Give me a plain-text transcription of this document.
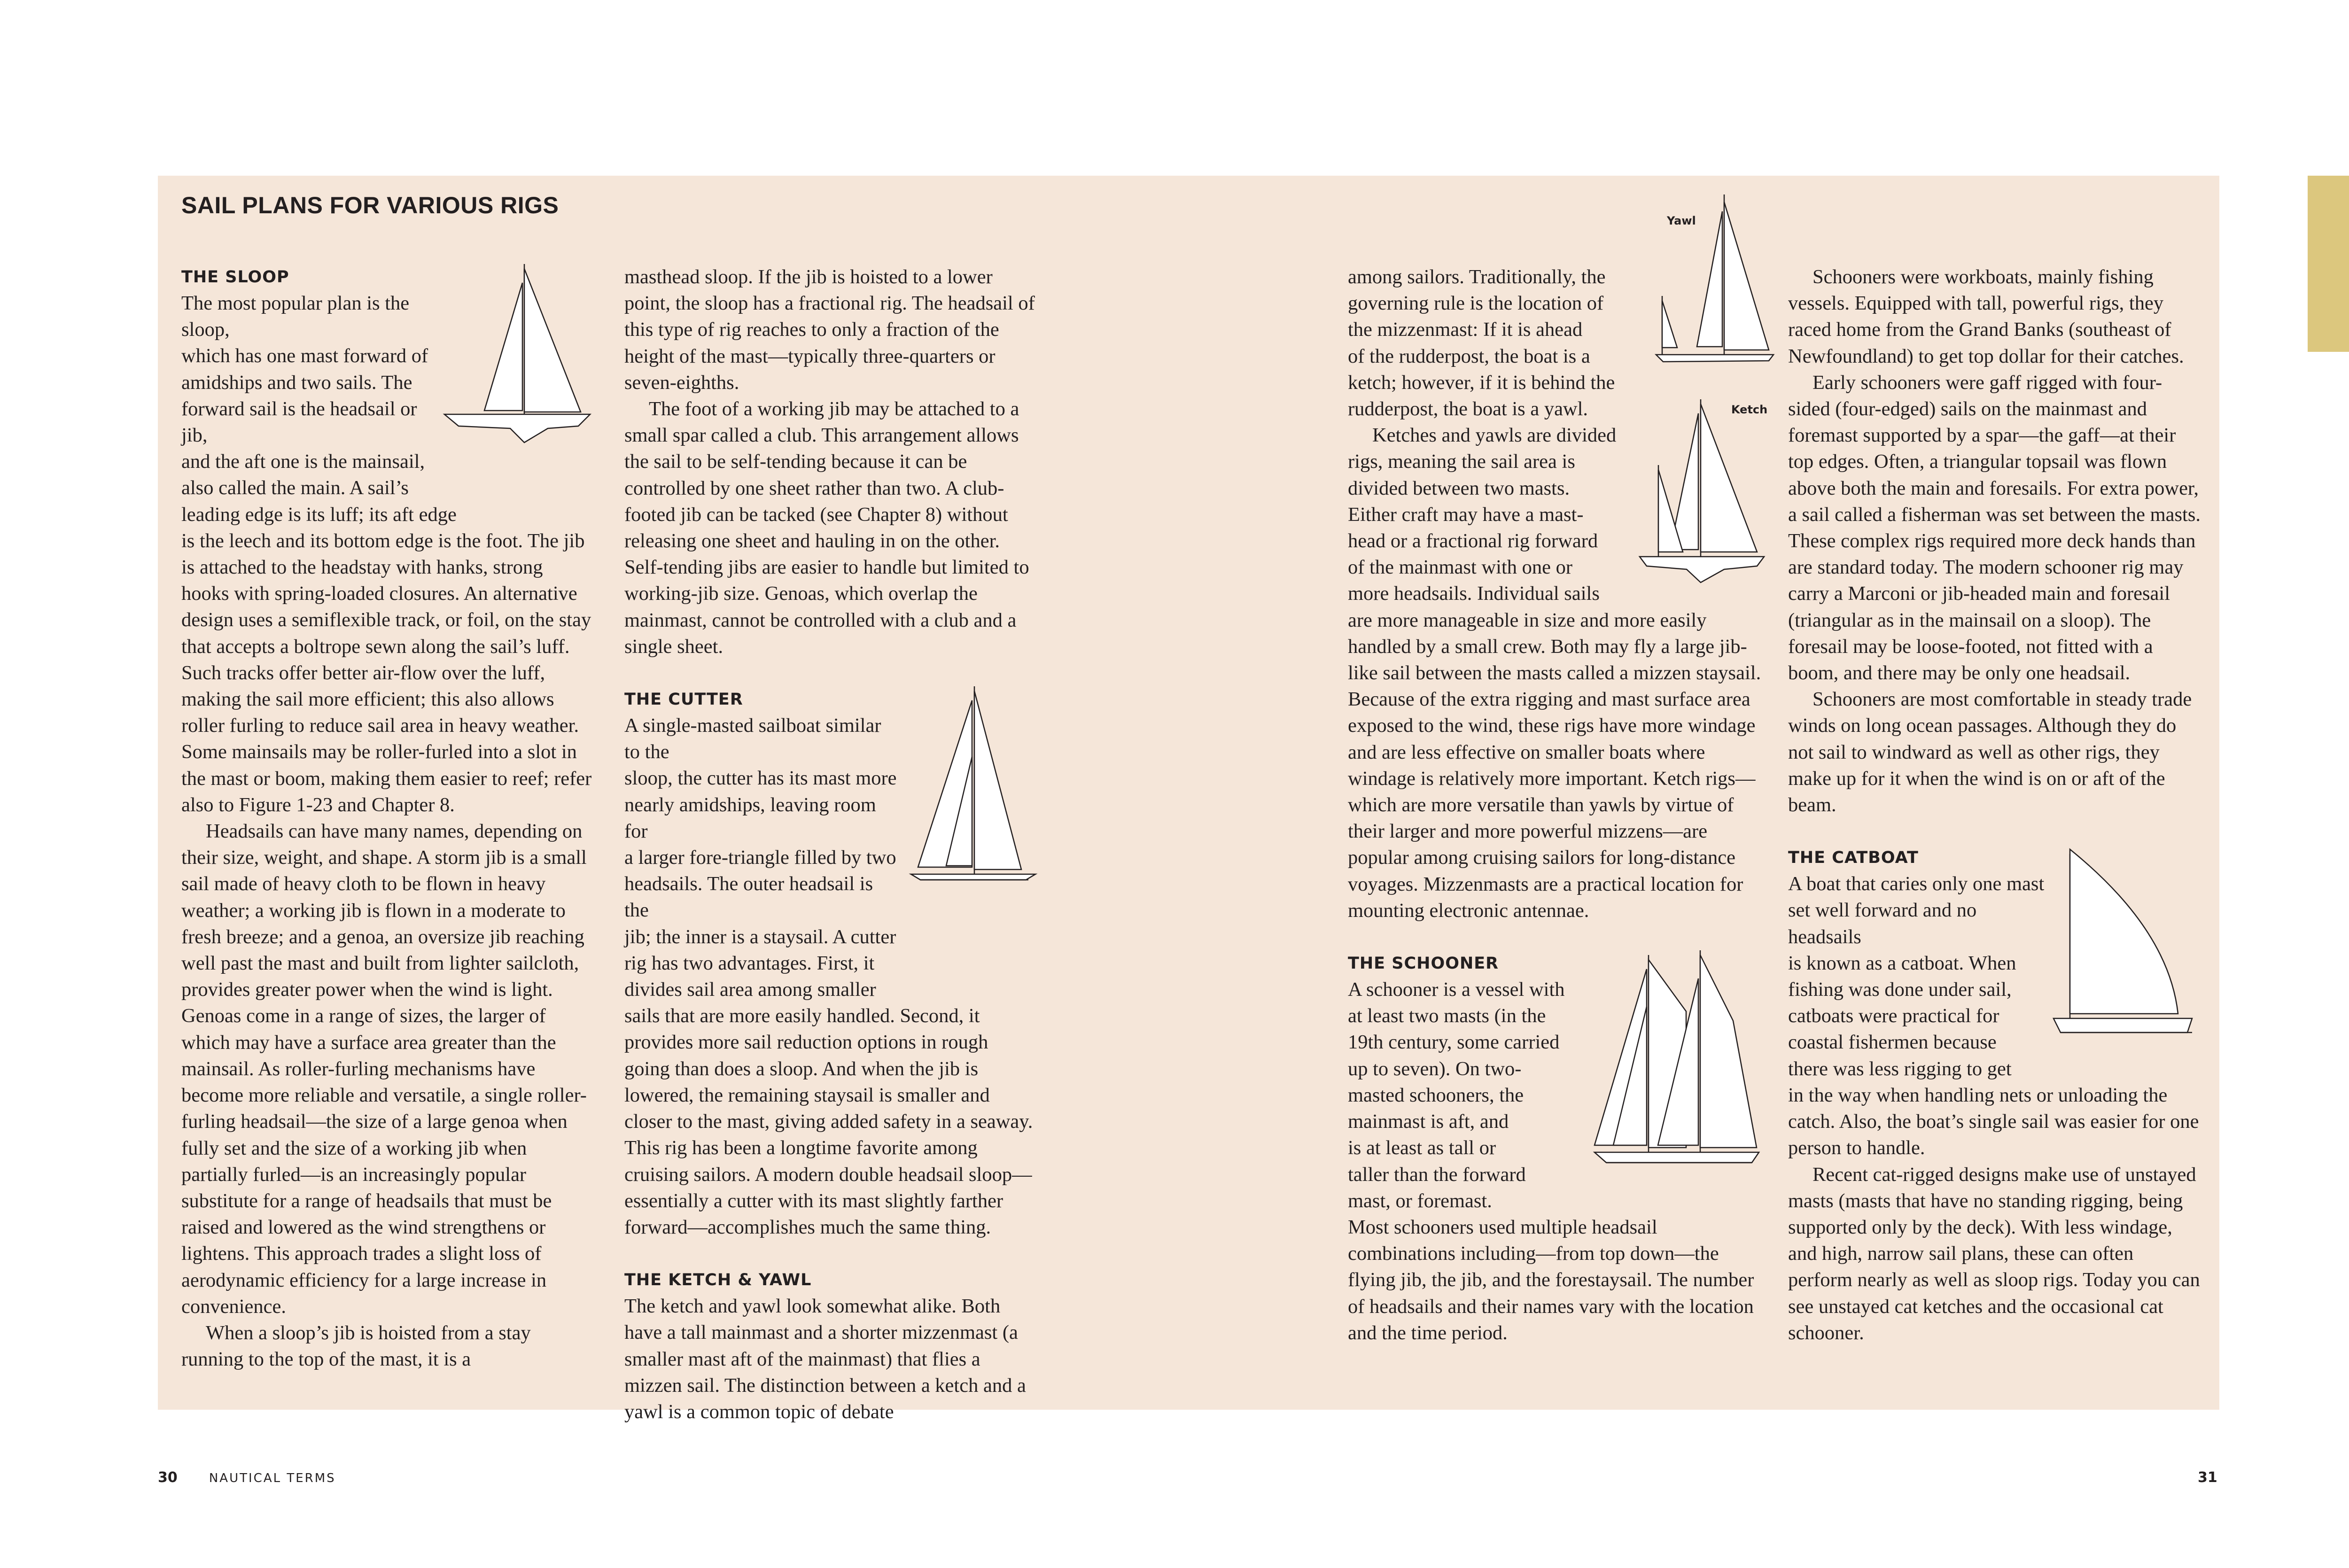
SAIL PLANS FOR VARIOUS RIGS
Yawl
Ketch
THE SLOOP
The most popular plan is the sloop,
which has one mast forward of
amidships and two sails. The
forward sail is the headsail or jib,
and the aft one is the mainsail,
also called the main. A sail’s
leading edge is its luff; its aft edge

is the leech and its bottom edge is the foot. The jib is attached to the headstay with hanks, strong hooks with spring-loaded closures. An alternative design uses a semiflexible track, or foil, on the stay that accepts a boltrope sewn along the sail’s luff. Such tracks offer better air-flow over the luff, making the sail more efficient; this also allows roller furling to reduce sail area in heavy weather. Some mainsails may be roller-furled into a slot in the mast or boom, making them easier to reef; refer also to Figure 1-23 and Chapter 8.

Headsails can have many names, depending on their size, weight, and shape. A storm jib is a small sail made of heavy cloth to be flown in heavy weather; a working jib is flown in a moderate to fresh breeze; and a genoa, an oversize jib reaching well past the mast and built from lighter sailcloth, provides greater power when the wind is light. Genoas come in a range of sizes, the larger of which may have a surface area greater than the mainsail. As roller-furling mechanisms have become more reliable and versatile, a single roller-furling headsail—the size of a large genoa when fully set and the size of a working jib when partially furled—is an increasingly popular substitute for a range of headsails that must be raised and lowered as the wind strengthens or lightens. This approach trades a slight loss of aerodynamic efficiency for a large increase in convenience.

When a sloop’s jib is hoisted from a stay running to the top of the mast, it is a

masthead sloop. If the jib is hoisted to a lower point, the sloop has a fractional rig. The headsail of this type of rig reaches to only a fraction of the height of the mast—typically three-quarters or seven-eighths.

The foot of a working jib may be attached to a small spar called a club. This arrangement allows the sail to be self-tending because it can be controlled by one sheet rather than two. A club-footed jib can be tacked (see Chapter 8) without releasing one sheet and hauling in on the other. Self-tending jibs are easier to handle but limited to working-jib size. Genoas, which overlap the mainmast, cannot be controlled with a club and a single sheet.

THE CUTTER
A single-masted sailboat similar to the
sloop, the cutter has its mast more
nearly amidships, leaving room for
a larger fore-triangle filled by two
headsails. The outer headsail is the
jib; the inner is a staysail. A cutter
rig has two advantages. First, it
divides sail area among smaller

sails that are more easily handled. Second, it provides more sail reduction options in rough going than does a sloop. And when the jib is lowered, the remaining staysail is smaller and closer to the mast, giving added safety in a seaway. This rig has been a longtime favorite among cruising sailors. A modern double headsail sloop—essentially a cutter with its mast slightly farther forward—accomplishes much the same thing.

THE KETCH & YAWL

The ketch and yawl look somewhat alike. Both have a tall mainmast and a shorter mizzenmast (a smaller mast aft of the mainmast) that flies a mizzen sail. The distinction between a ketch and a yawl is a common topic of debate

among sailors. Traditionally, the
governing rule is the location of
the mizzenmast: If it is ahead
of the rudderpost, the boat is a
ketch; however, if it is behind the
rudderpost, the boat is a yawl.
Ketches and yawls are divided
rigs, meaning the sail area is
divided between two masts.
Either craft may have a mast-
head or a fractional rig forward
of the mainmast with one or
more headsails. Individual sails

are more manageable in size and more easily handled by a small crew. Both may fly a large jib-like sail between the masts called a mizzen staysail. Because of the extra rigging and mast surface area exposed to the wind, these rigs have more windage and are less effective on smaller boats where windage is relatively more important. Ketch rigs—which are more versatile than yawls by virtue of their larger and more powerful mizzens—are popular among cruising sailors for long-distance voyages. Mizzenmasts are a practical location for mounting electronic antennae.

THE SCHOONER
A schooner is a vessel with
at least two masts (in the
19th century, some carried
up to seven). On two-
masted schooners, the
mainmast is aft, and
is at least as tall or
taller than the forward
mast, or foremast.

Most schooners used multiple headsail combinations including—from top down—the flying jib, the jib, and the forestaysail. The number of headsails and their names vary with the location and the time period.

Schooners were workboats, mainly fishing vessels. Equipped with tall, powerful rigs, they raced home from the Grand Banks (southeast of Newfoundland) to get top dollar for their catches.

Early schooners were gaff rigged with four-sided (four-edged) sails on the mainmast and foremast supported by a spar—the gaff—at their top edges. Often, a triangular topsail was flown above both the main and foresails. For extra power, a sail called a fisherman was set between the masts. These complex rigs required more deck hands than are standard today. The modern schooner rig may carry a Marconi or jib-headed main and foresail (triangular as in the mainsail on a sloop). The foresail may be loose-footed, not fitted with a boom, and there may be only one headsail.

Schooners are most comfortable in steady trade winds on long ocean passages. Although they do not sail to windward as well as other rigs, they make up for it when the wind is on or aft of the beam.

THE CATBOAT
A boat that caries only one mast
set well forward and no headsails
is known as a catboat. When
fishing was done under sail,
catboats were practical for
coastal fishermen because
there was less rigging to get

in the way when handling nets or unloading the catch. Also, the boat’s single sail was easier for one person to handle.

Recent cat-rigged designs make use of unstayed masts (masts that have no standing rigging, being supported only by the deck). With less windage, and high, narrow sail plans, these can often perform nearly as well as sloop rigs. Today you can see unstayed cat ketches and the occasional cat schooner.

30	NAUTICAL TERMS	31
